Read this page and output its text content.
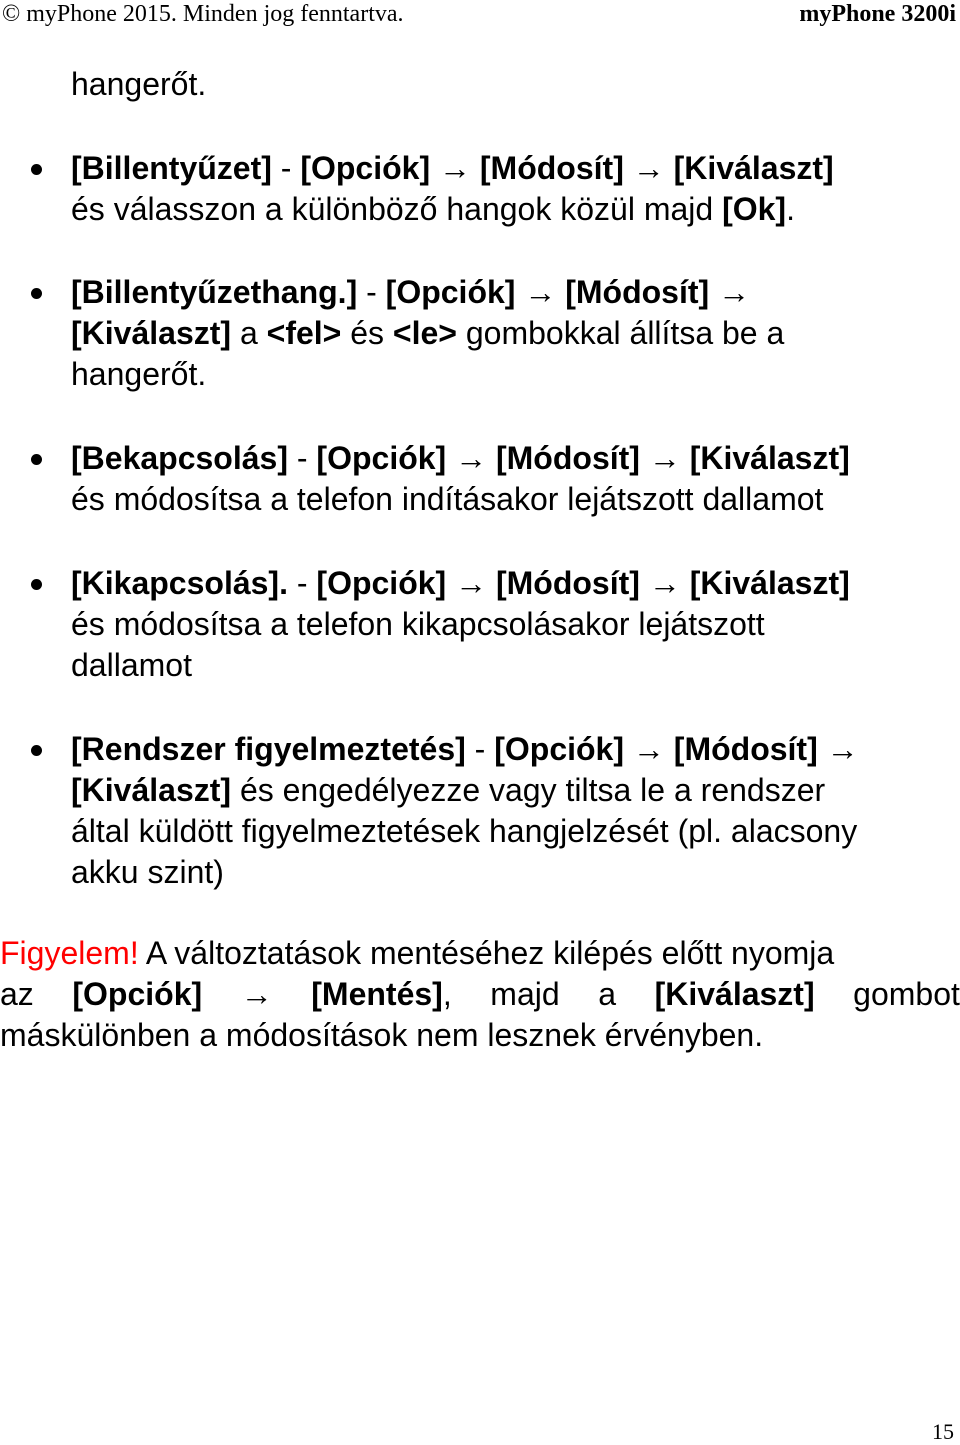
© myPhone 2015. Minden jog fenntartva.	myPhone 3200i
hangerőt.
[Billentyűzet] - [Opciók] → [Módosít] → [Kiválaszt]
és válasszon a különböző hangok közül majd [Ok].
[Billentyűzethang.] - [Opciók] → [Módosít] →
[Kiválaszt] a <fel> és <le> gombokkal állítsa be a
hangerőt.
[Bekapcsolás] - [Opciók] → [Módosít] → [Kiválaszt]
és módosítsa a telefon indításakor lejátszott dallamot
[Kikapcsolás]. - [Opciók] → [Módosít] → [Kiválaszt]
és módosítsa a telefon kikapcsolásakor lejátszott
dallamot
[Rendszer figyelmeztetés] - [Opciók] → [Módosít] →
[Kiválaszt] és engedélyezze vagy tiltsa le a rendszer
által küldött figyelmeztetések hangjelzését (pl. alacsony
akku szint)
Figyelem! A változtatások mentéséhez kilépés előtt nyomja
az [Opciók] → [Mentés], majd a [Kiválaszt] gombot
máskülönben a módosítások nem lesznek érvényben.
15
